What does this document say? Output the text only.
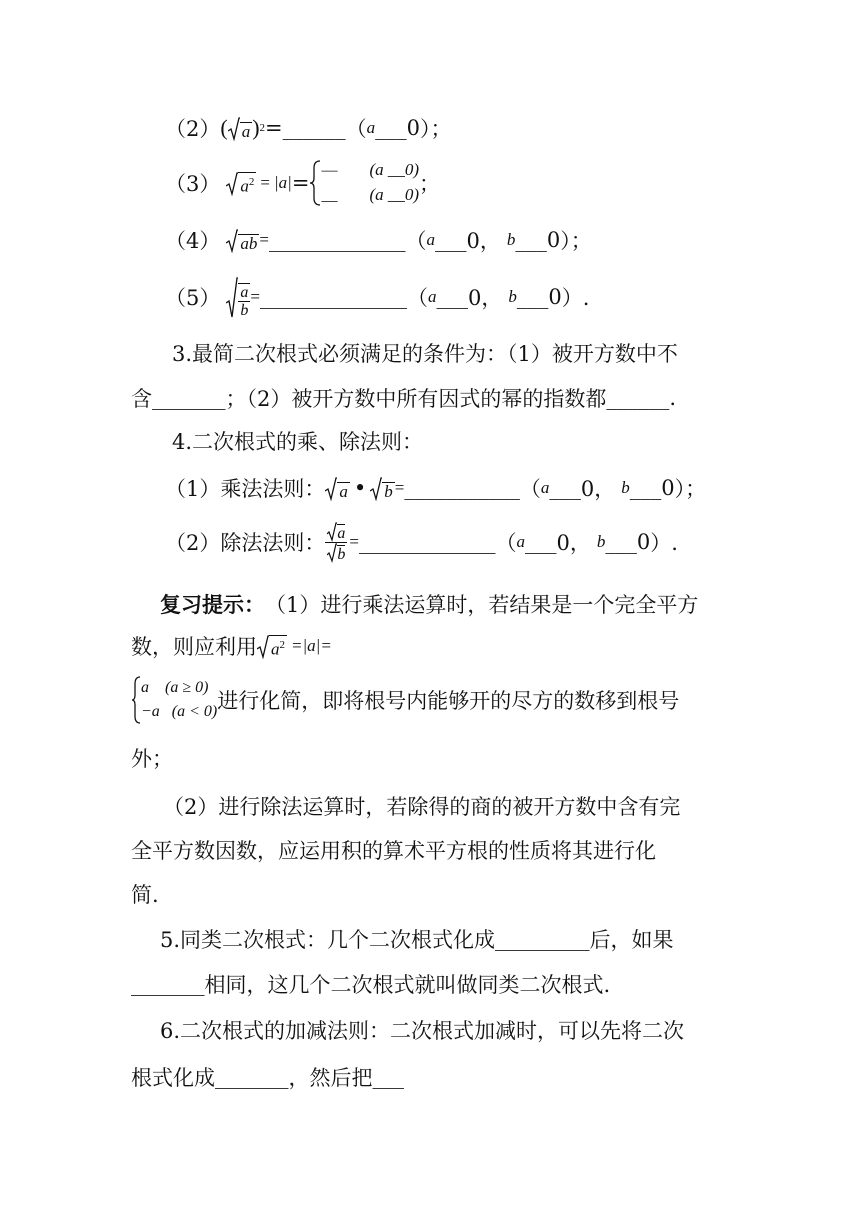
（2） ( a ) 2 = ______ （ a ___ 0 ）；
（3） $a^2 = |a|$ =
— (a __0)
__ (a __0) ；
（4） ab = _____________ （ a ___ 0， b ___ 0 ）；
$(5) \frac{a}{b}$ = ______________ （ a ___ 0， b ___ 0 ）.
3.最简二次根式必须满足的条件为：（1）被开方数中不
含 _______ ；（2）被开方数中所有因式的幂的指数都 ______ .
4.二次根式的乘、除法则：
（1）乘法法则： a • b = ___________ （ a ___ 0， b ___ 0 ）；
（2）除法法则： $\frac{a}{b}$ = _____________ （ a ___ 0， b ___ 0 ）.
复习提示： （1）进行乘法运算时，若结果是一个完全平方
数，则应利用 $a^2 =|a|=$
a    (a ≥ 0)
−a   (a < 0) 进行化简，即将根号内能够开的尽方的数移到根号
外；
（2）进行除法运算时，若除得的商的被开方数中含有完
全平方数因数，应运用积的算术平方根的性质将其进行化
简.
5.同类二次根式：几个二次根式化成 _________ 后，如果
_______ 相同，这几个二次根式就叫做同类二次根式.
6.二次根式的加减法则：二次根式加减时，可以先将二次
根式化成 _______ ，然后把 ___
